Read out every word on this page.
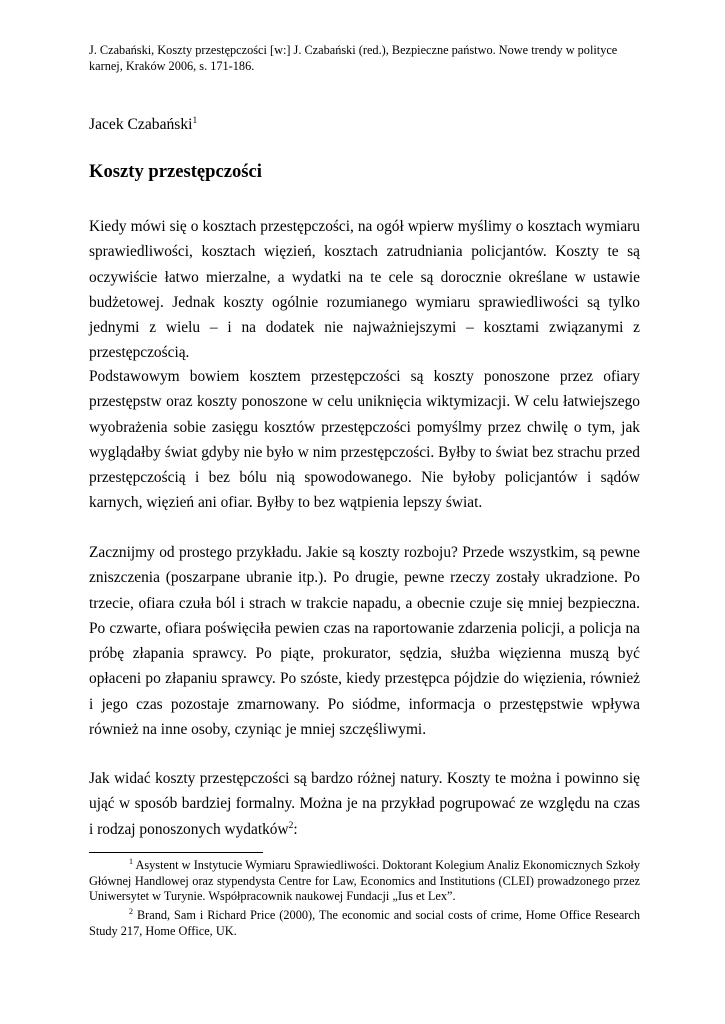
J. Czabański, Koszty przestępczości [w:] J. Czabański (red.), Bezpieczne państwo. Nowe trendy w polityce karnej, Kraków 2006, s. 171-186.
Jacek Czabański$^1$
Koszty przestępczości

Kiedy mówi się o kosztach przestępczości, na ogół wpierw myślimy o kosztach wymiaru sprawiedliwości, kosztach więzień, kosztach zatrudniania policjantów. Koszty te są oczywiście łatwo mierzalne, a wydatki na te cele są dorocznie określane w ustawie budżetowej. Jednak koszty ogólnie rozumianego wymiaru sprawiedliwości są tylko jednymi z wielu – i na dodatek nie najważniejszymi – kosztami związanymi z przestępczością.

Podstawowym bowiem kosztem przestępczości są koszty ponoszone przez ofiary przestępstw oraz koszty ponoszone w celu uniknięcia wiktymizacji. W celu łatwiejszego wyobrażenia sobie zasięgu kosztów przestępczości pomyślmy przez chwilę o tym, jak wyglądałby świat gdyby nie było w nim przestępczości. Byłby to świat bez strachu przed przestępczością i bez bólu nią spowodowanego. Nie byłoby policjantów i sądów karnych, więzień ani ofiar. Byłby to bez wątpienia lepszy świat.

Zacznijmy od prostego przykładu. Jakie są koszty rozboju? Przede wszystkim, są pewne zniszczenia (poszarpane ubranie itp.). Po drugie, pewne rzeczy zostały ukradzione. Po trzecie, ofiara czuła ból i strach w trakcie napadu, a obecnie czuje się mniej bezpieczna. Po czwarte, ofiara poświęciła pewien czas na raportowanie zdarzenia policji, a policja na próbę złapania sprawcy. Po piąte, prokurator, sędzia, służba więzienna muszą być opłaceni po złapaniu sprawcy. Po szóste, kiedy przestępca pójdzie do więzienia, również i jego czas pozostaje zmarnowany. Po siódme, informacja o przestępstwie wpływa również na inne osoby, czyniąc je mniej szczęśliwymi.

Jak widać koszty przestępczości są bardzo różnej natury. Koszty te można i powinno się ująć w sposób bardziej formalny. Można je na przykład pogrupować ze względu na czas i rodzaj ponoszonych wydatków$^2$:

$^1$ Asystent w Instytucie Wymiaru Sprawiedliwości. Doktorant Kolegium Analiz Ekonomicznych Szkoły Głównej Handlowej oraz stypendysta Centre for Law, Economics and Institutions (CLEI) prowadzonego przez Uniwersytet w Turynie. Współpracownik naukowej Fundacji „Ius et Lex”.

$^2$ Brand, Sam i Richard Price (2000), The economic and social costs of crime, Home Office Research Study 217, Home Office, UK.
